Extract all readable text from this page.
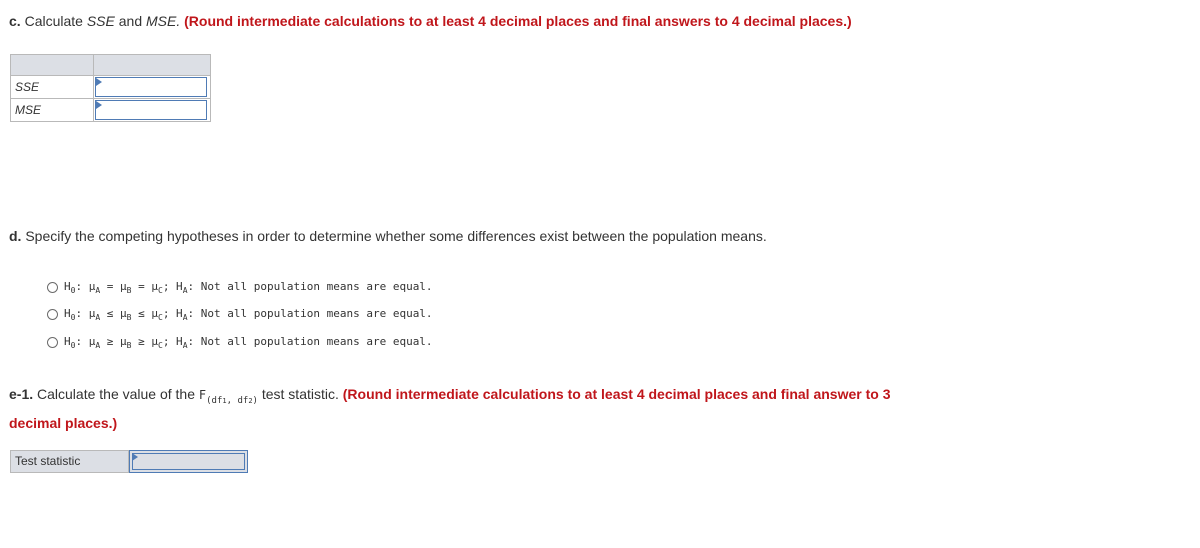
c. Calculate SSE and MSE. (Round intermediate calculations to at least 4 decimal places and final answers to 4 decimal places.)

SSE	

MSE	
d. Specify the competing hypotheses in order to determine whether some differences exist between the population means.
$H_0$: $\mu_A = \mu_B = \mu_C$; $H_A$: Not all population means are equal.
$H_0$: $\mu_A \le \mu_B \le \mu_C$; $H_A$: Not all population means are equal.
$H_0$: $\mu_A \ge \mu_B \ge \mu_C$; $H_A$: Not all population means are equal.
e-1. Calculate the value of the $F_{(df1, df2)}$ test statistic. (Round intermediate calculations to at least 4 decimal places and final answer to 3 decimal places.)
Test statistic
